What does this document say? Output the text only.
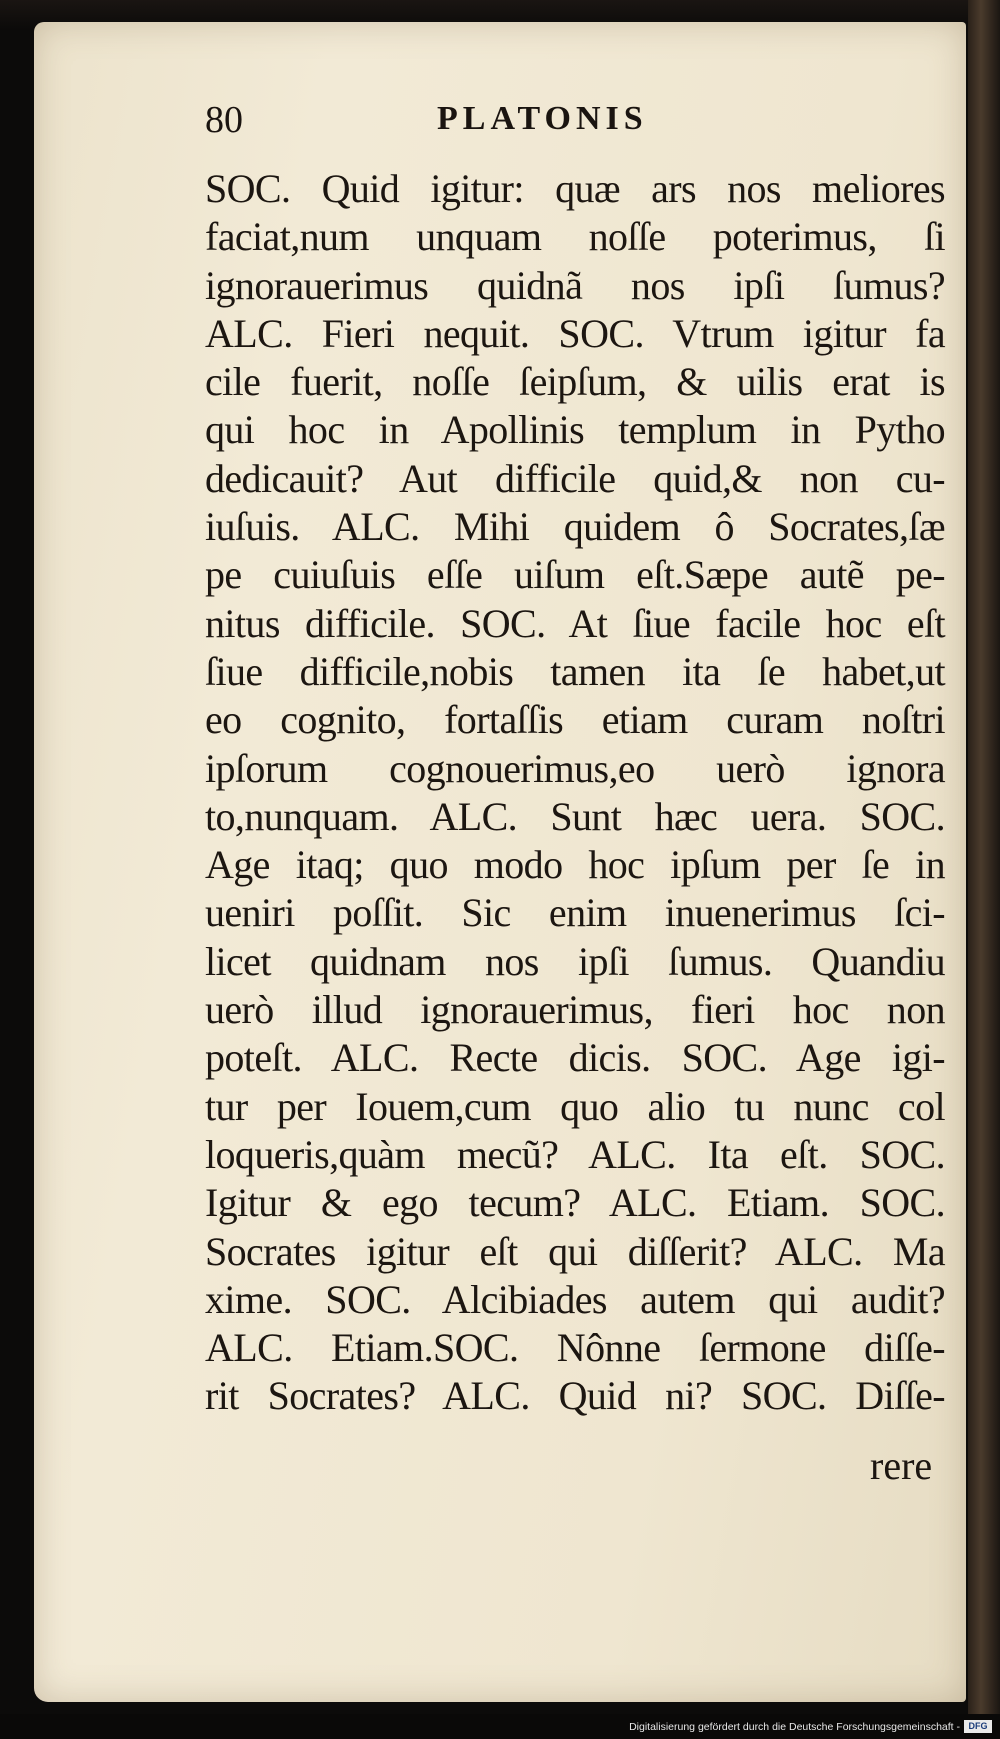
80	PLATONIS
SOC. Quid igitur: quæ ars nos meliores
faciat,num unquam noſſe poterimus, ſi
ignorauerimus quidnã nos ipſi ſumus?
ALC. Fieri nequit. SOC. Vtrum igitur fa
cile fuerit, noſſe ſeipſum, & uilis erat is
qui hoc in Apollinis templum in Pytho
dedicauit? Aut difficile quid,& non cu-
iuſuis. ALC. Mihi quidem ô Socrates,ſæ
pe cuiuſuis eſſe uiſum eſt.Sæpe autẽ pe-
nitus difficile. SOC. At ſiue facile hoc eſt
ſiue difficile,nobis tamen ita ſe habet,ut
eo cognito, fortaſſis etiam curam noſtri
ipſorum cognouerimus,eo uerò ignora
to,nunquam. ALC. Sunt hæc uera. SOC.
Age itaq; quo modo hoc ipſum per ſe in
ueniri poſſit. Sic enim inuenerimus ſci-
licet quidnam nos ipſi ſumus. Quandiu
uerò illud ignorauerimus, fieri hoc non
poteſt. ALC. Recte dicis. SOC. Age igi-
tur per Iouem,cum quo alio tu nunc col
loqueris,quàm mecũ? ALC. Ita eſt. SOC.
Igitur & ego tecum? ALC. Etiam. SOC.
Socrates igitur eſt qui diſſerit? ALC. Ma
xime. SOC. Alcibiades autem qui audit?
ALC. Etiam.SOC. Nônne ſermone diſſe-
rit Socrates? ALC. Quid ni? SOC. Diſſe-
rere
Digitalisierung gefördert durch die Deutsche Forschungsgemeinschaft - DFG
